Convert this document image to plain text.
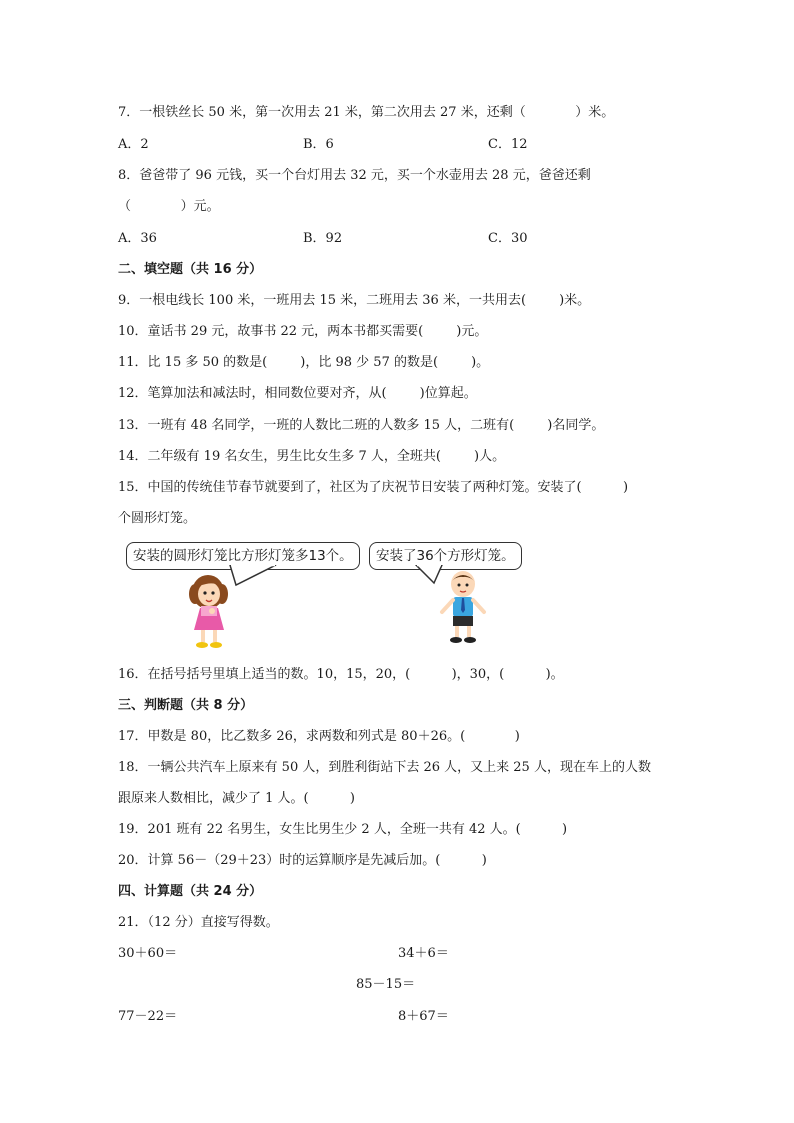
7．一根铁丝长 50 米，第一次用去 21 米，第二次用去 27 米，还剩（            ）米。
A．2	B．6	C．12
8．爸爸带了 96 元钱，买一个台灯用去 32 元，买一个水壶用去 28 元，爸爸还剩
（            ）元。
A．36	B．92	C．30
二、填空题（共 16 分）
9．一根电线长 100 米，一班用去 15 米，二班用去 36 米，一共用去(        )米。
10．童话书 29 元，故事书 22 元，两本书都买需要(        )元。
11．比 15 多 50 的数是(        )，比 98 少 57 的数是(        )。
12．笔算加法和减法时，相同数位要对齐，从(        )位算起。
13．一班有 48 名同学，一班的人数比二班的人数多 15 人，二班有(        )名同学。
14．二年级有 19 名女生，男生比女生多 7 人，全班共(        )人。
15．中国的传统佳节春节就要到了，社区为了庆祝节日安装了两种灯笼。安装了(          )
个圆形灯笼。
安装的圆形灯笼比方形灯笼多13个。	安装了36个方形灯笼。
16．在括号括号里填上适当的数。10，15，20，(          )，30，(          )。
三、判断题（共 8 分）
17．甲数是 80，比乙数多 26，求两数和列式是 80＋26。(            )
18．一辆公共汽车上原来有 50 人，到胜利街站下去 26 人，又上来 25 人，现在车上的人数
跟原来人数相比，减少了 1 人。(          )
19．201 班有 22 名男生，女生比男生少 2 人，全班一共有 42 人。(          )
20．计算 56－（29＋23）时的运算顺序是先减后加。(          )
四、计算题（共 24 分）
21．（12 分）直接写得数。
30＋60＝	34＋6＝
85－15＝
77－22＝	8＋67＝
